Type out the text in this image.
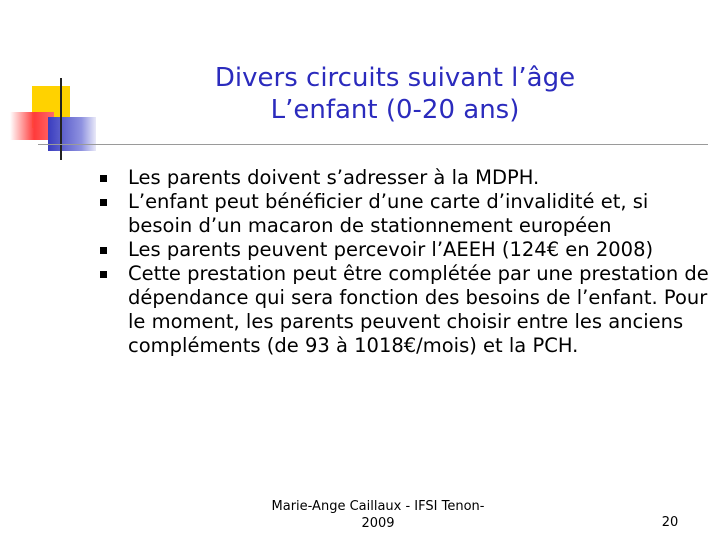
Divers circuits suivant l’âge
L’enfant (0-20 ans)
Les parents doivent s’adresser à la MDPH.
L’enfant peut bénéficier d’une carte d’invalidité et, si besoin d’un macaron de stationnement européen
Les parents peuvent percevoir l’AEEH (124€ en 2008)
Cette prestation peut être complétée par une prestation de dépendance qui sera fonction des besoins de l’enfant. Pour le moment, les parents peuvent choisir entre les anciens compléments (de 93 à 1018€/mois) et la PCH.
Marie-Ange Caillaux - IFSI Tenon-
2009	20
